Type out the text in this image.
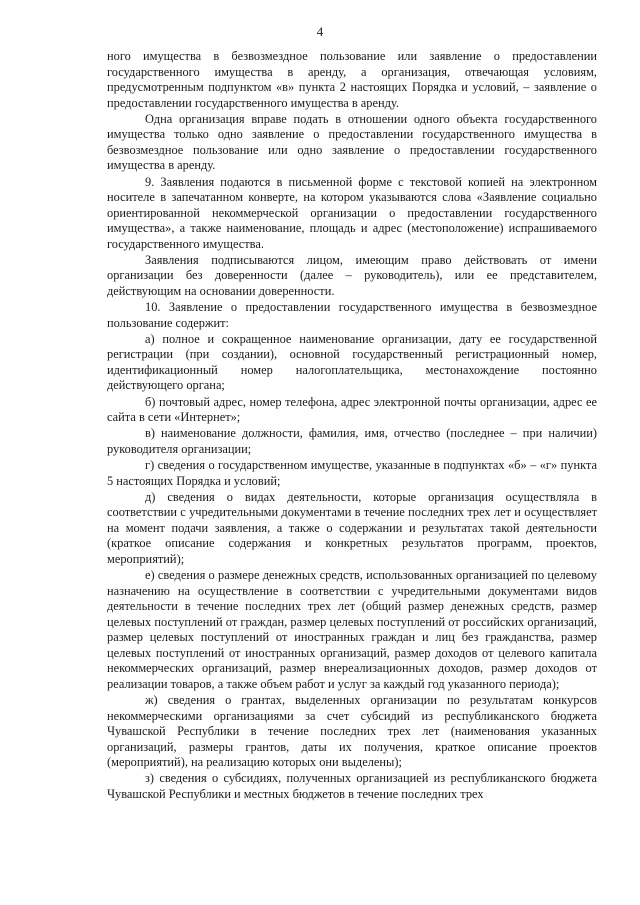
4

ного имущества в безвозмездное пользование или заявление о предоставлении государственного имущества в аренду, а организация, отвечающая условиям, предусмотренным подпунктом «в» пункта 2 настоящих Порядка и условий, – заявление о предоставлении государственного имущества в аренду.

Одна организация вправе подать в отношении одного объекта государственного имущества только одно заявление о предоставлении государственного имущества в безвозмездное пользование или одно заявление о предоставлении государственного имущества в аренду.

9. Заявления подаются в письменной форме с текстовой копией на электронном носителе в запечатанном конверте, на котором указываются слова «Заявление социально ориентированной некоммерческой организации о предоставлении государственного имущества», а также наименование, площадь и адрес (местоположение) испрашиваемого государственного имущества.

Заявления подписываются лицом, имеющим право действовать от имени организации без доверенности (далее – руководитель), или ее представителем, действующим на основании доверенности.

10. Заявление о предоставлении государственного имущества в безвозмездное пользование содержит:

а) полное и сокращенное наименование организации, дату ее государственной регистрации (при создании), основной государственный регистрационный номер, идентификационный номер налогоплательщика, местонахождение постоянно действующего органа;

б) почтовый адрес, номер телефона, адрес электронной почты организации, адрес ее сайта в сети «Интернет»;

в) наименование должности, фамилия, имя, отчество (последнее – при наличии) руководителя организации;

г) сведения о государственном имуществе, указанные в подпунктах «б» – «г» пункта 5 настоящих Порядка и условий;

д) сведения о видах деятельности, которые организация осуществляла в соответствии с учредительными документами в течение последних трех лет и осуществляет на момент подачи заявления, а также о содержании и результатах такой деятельности (краткое описание содержания и конкретных результатов программ, проектов, мероприятий);

е) сведения о размере денежных средств, использованных организацией по целевому назначению на осуществление в соответствии с учредительными документами видов деятельности в течение последних трех лет (общий размер денежных средств, размер целевых поступлений от граждан, размер целевых поступлений от российских организаций, размер целевых поступлений от иностранных граждан и лиц без гражданства, размер целевых поступлений от иностранных организаций, размер доходов от целевого капитала некоммерческих организаций, размер внереализационных доходов, размер доходов от реализации товаров, а также объем работ и услуг за каждый год указанного периода);

ж) сведения о грантах, выделенных организации по результатам конкурсов некоммерческими организациями за счет субсидий из республиканского бюджета Чувашской Республики в течение последних трех лет (наименования указанных организаций, размеры грантов, даты их получения, краткое описание проектов (мероприятий), на реализацию которых они выделены);

з) сведения о субсидиях, полученных организацией из республиканского бюджета Чувашской Республики и местных бюджетов в течение последних трех
